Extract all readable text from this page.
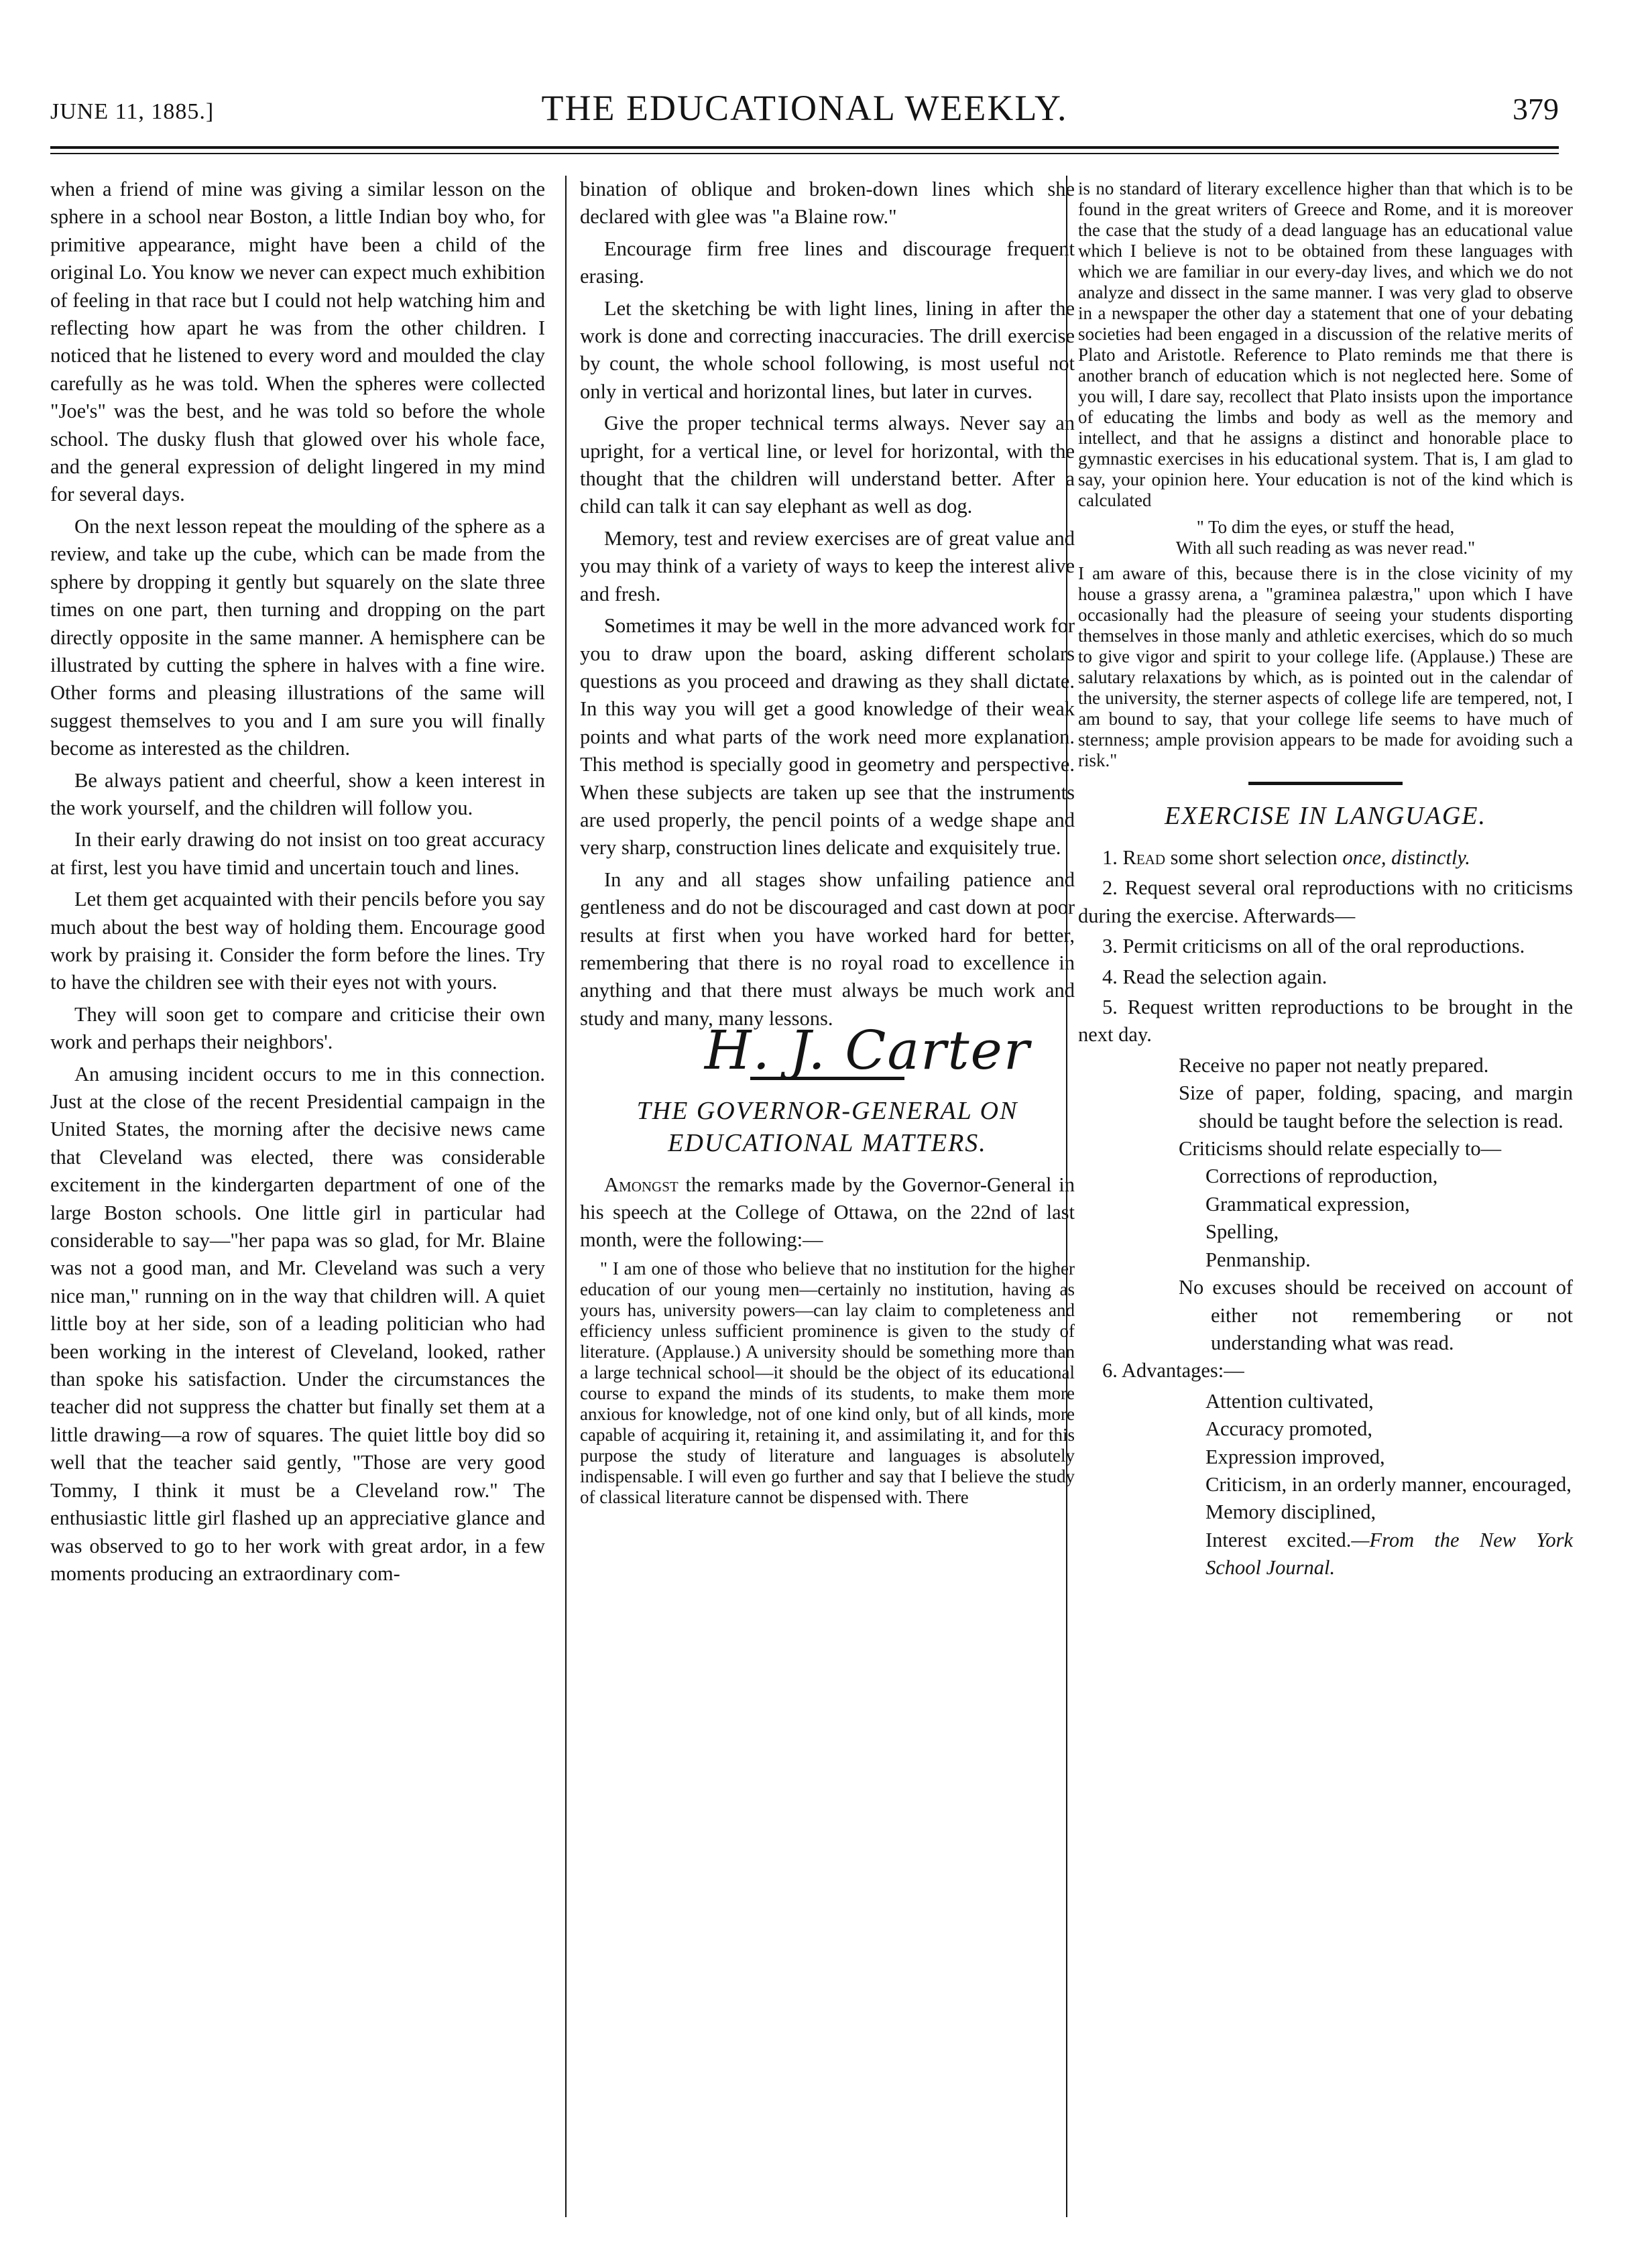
JUNE 11, 1885.]	THE EDUCATIONAL WEEKLY.	379

when a friend of mine was giving a similar lesson on the sphere in a school near Boston, a little Indian boy who, for primitive appearance, might have been a child of the original Lo. You know we never can expect much exhibition of feeling in that race but I could not help watching him and reflecting how apart he was from the other children. I noticed that he listened to every word and moulded the clay carefully as he was told. When the spheres were collected "Joe's" was the best, and he was told so before the whole school. The dusky flush that glowed over his whole face, and the general expression of delight lingered in my mind for several days.

On the next lesson repeat the moulding of the sphere as a review, and take up the cube, which can be made from the sphere by dropping it gently but squarely on the slate three times on one part, then turning and dropping on the part directly opposite in the same manner. A hemisphere can be illustrated by cutting the sphere in halves with a fine wire. Other forms and pleasing illustrations of the same will suggest themselves to you and I am sure you will finally become as interested as the children.

Be always patient and cheerful, show a keen interest in the work yourself, and the children will follow you.

In their early drawing do not insist on too great accuracy at first, lest you have timid and uncertain touch and lines.

Let them get acquainted with their pencils before you say much about the best way of holding them. Encourage good work by praising it. Consider the form before the lines. Try to have the children see with their eyes not with yours.

They will soon get to compare and criticise their own work and perhaps their neighbors'.

An amusing incident occurs to me in this connection. Just at the close of the recent Presidential campaign in the United States, the morning after the decisive news came that Cleveland was elected, there was considerable excitement in the kindergarten department of one of the large Boston schools. One little girl in particular had considerable to say—"her papa was so glad, for Mr. Blaine was not a good man, and Mr. Cleveland was such a very nice man," running on in the way that children will. A quiet little boy at her side, son of a leading politician who had been working in the interest of Cleveland, looked, rather than spoke his satisfaction. Under the circumstances the teacher did not suppress the chatter but finally set them at a little drawing—a row of squares. The quiet little boy did so well that the teacher said gently, "Those are very good Tommy, I think it must be a Cleveland row." The enthusiastic little girl flashed up an appreciative glance and was observed to go to her work with great ardor, in a few moments producing an extraordinary com-

bination of oblique and broken-down lines which she declared with glee was "a Blaine row."

Encourage firm free lines and discourage frequent erasing.

Let the sketching be with light lines, lining in after the work is done and correcting inaccuracies. The drill exercise by count, the whole school following, is most useful not only in vertical and horizontal lines, but later in curves.

Give the proper technical terms always. Never say an upright, for a vertical line, or level for horizontal, with the thought that the children will understand better. After a child can talk it can say elephant as well as dog.

Memory, test and review exercises are of great value and you may think of a variety of ways to keep the interest alive and fresh.

Sometimes it may be well in the more advanced work for you to draw upon the board, asking different scholars questions as you proceed and drawing as they shall dictate. In this way you will get a good knowledge of their weak points and what parts of the work need more explanation. This method is specially good in geometry and perspective. When these subjects are taken up see that the instruments are used properly, the pencil points of a wedge shape and very sharp, construction lines delicate and exquisitely true.

In any and all stages show unfailing patience and gentleness and do not be discouraged and cast down at poor results at first when you have worked hard for better, remembering that there is no royal road to excellence in anything and that there must always be much work and study and many, many lessons.

H. J. Carter
THE GOVERNOR-GENERAL ON EDUCATIONAL MATTERS.

Amongst the remarks made by the Governor-General in his speech at the College of Ottawa, on the 22nd of last month, were the following:—

" I am one of those who believe that no institution for the higher education of our young men—certainly no institution, having as yours has, university powers—can lay claim to completeness and efficiency unless sufficient prominence is given to the study of literature. (Applause.) A university should be something more than a large technical school—it should be the object of its educational course to expand the minds of its students, to make them more anxious for knowledge, not of one kind only, but of all kinds, more capable of acquiring it, retaining it, and assimilating it, and for this purpose the study of literature and languages is absolutely indispensable. I will even go further and say that I believe the study of classical literature cannot be dispensed with. There
is no standard of literary excellence higher than that which is to be found in the great writers of Greece and Rome, and it is moreover the case that the study of a dead language has an educational value which I believe is not to be obtained from these languages with which we are familiar in our every-day lives, and which we do not analyze and dissect in the same manner. I was very glad to observe in a newspaper the other day a statement that one of your debating societies had been engaged in a discussion of the relative merits of Plato and Aristotle. Reference to Plato reminds me that there is another branch of education which is not neglected here. Some of you will, I dare say, recollect that Plato insists upon the importance of educating the limbs and body as well as the memory and intellect, and that he assigns a distinct and honorable place to gymnastic exercises in his educational system. That is, I am glad to say, your opinion here. Your education is not of the kind which is calculated
" To dim the eyes, or stuff the head,
With all such reading as was never read."
I am aware of this, because there is in the close vicinity of my house a grassy arena, a "gramineа palæstra," upon which I have occasionally had the pleasure of seeing your students disporting themselves in those manly and athletic exercises, which do so much to give vigor and spirit to your college life. (Applause.) These are salutary relaxations by which, as is pointed out in the calendar of the university, the sterner aspects of college life are tempered, not, I am bound to say, that your college life seems to have much of sternness; ample provision appears to be made for avoiding such a risk."
EXERCISE IN LANGUAGE.
1. Read some short selection once, distinctly.
2. Request several oral reproductions with no criticisms during the exercise. Afterwards—
3. Permit criticisms on all of the oral reproductions.
4. Read the selection again.
5. Request written reproductions to be brought in the next day.
Receive no paper not neatly prepared.
Size of paper, folding, spacing, and margin should be taught before the selection is read.
Criticisms should relate especially to—
Corrections of reproduction,
Grammatical expression,
Spelling,
Penmanship.
No excuses should be received on account of either not remembering or not understanding what was read.
6. Advantages:—
Attention cultivated,
Accuracy promoted,
Expression improved,
Criticism, in an orderly manner, encouraged,
Memory disciplined,
Interest excited.—From the New York School Journal.
